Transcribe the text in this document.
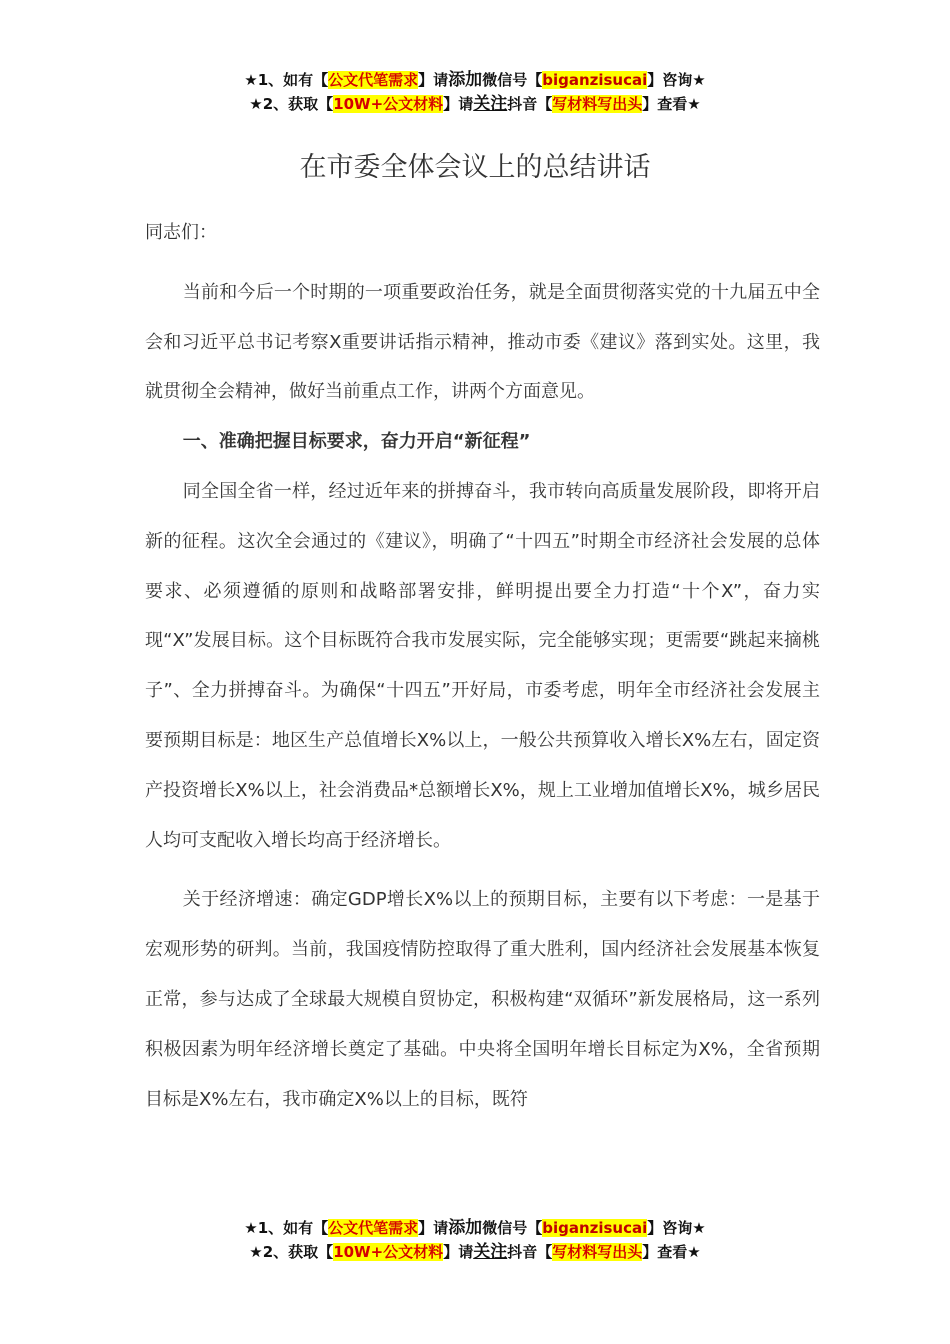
★1、如有【公文代笔需求】请添加微信号【biganzisucai】咨询★
★2、获取【10W+公文材料】请关注抖音【写材料写出头】查看★
在市委全体会议上的总结讲话

同志们：

当前和今后一个时期的一项重要政治任务，就是全面贯彻落实党的十九届五中全会和习近平总书记考察X重要讲话指示精神，推动市委《建议》落到实处。这里，我就贯彻全会精神，做好当前重点工作，讲两个方面意见。

一、准确把握目标要求，奋力开启“新征程”

同全国全省一样，经过近年来的拼搏奋斗，我市转向高质量发展阶段，即将开启新的征程。这次全会通过的《建议》，明确了“十四五”时期全市经济社会发展的总体要求、必须遵循的原则和战略部署安排，鲜明提出要全力打造“十个X”，奋力实现“X”发展目标。这个目标既符合我市发展实际，完全能够实现；更需要“跳起来摘桃子”、全力拼搏奋斗。为确保“十四五”开好局，市委考虑，明年全市经济社会发展主要预期目标是：地区生产总值增长X%以上，一般公共预算收入增长X%左右，固定资产投资增长X%以上，社会消费品*总额增长X%，规上工业增加值增长X%，城乡居民人均可支配收入增长均高于经济增长。

关于经济增速：确定GDP增长X%以上的预期目标，主要有以下考虑：一是基于宏观形势的研判。当前，我国疫情防控取得了重大胜利，国内经济社会发展基本恢复正常，参与达成了全球最大规模自贸协定，积极构建“双循环”新发展格局，这一系列积极因素为明年经济增长奠定了基础。中央将全国明年增长目标定为X%，全省预期目标是X%左右，我市确定X%以上的目标，既符

★1、如有【公文代笔需求】请添加微信号【biganzisucai】咨询★
★2、获取【10W+公文材料】请关注抖音【写材料写出头】查看★
